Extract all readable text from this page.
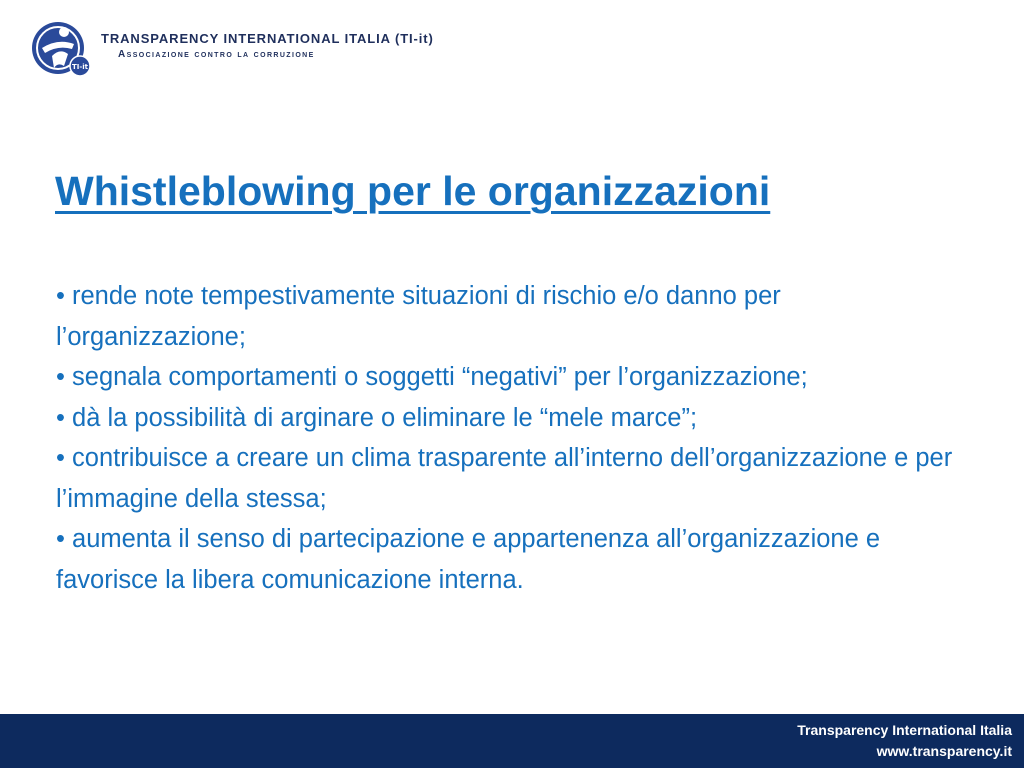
TI-it
TRANSPARENCY INTERNATIONAL ITALIA (TI-it)
Associazione contro la corruzione
Whistleblowing per le organizzazioni

• rende note tempestivamente situazioni di rischio e/o danno per l’organizzazione;

• segnala comportamenti o soggetti “negativi” per l’organizzazione;

• dà la possibilità di arginare o eliminare le “mele marce”;

• contribuisce a creare un clima trasparente all’interno dell’organizzazione e per l’immagine della stessa;

• aumenta il senso di partecipazione e appartenenza all’organizzazione e favorisce la libera comunicazione interna.

Transparency International Italia
www.transparency.it
